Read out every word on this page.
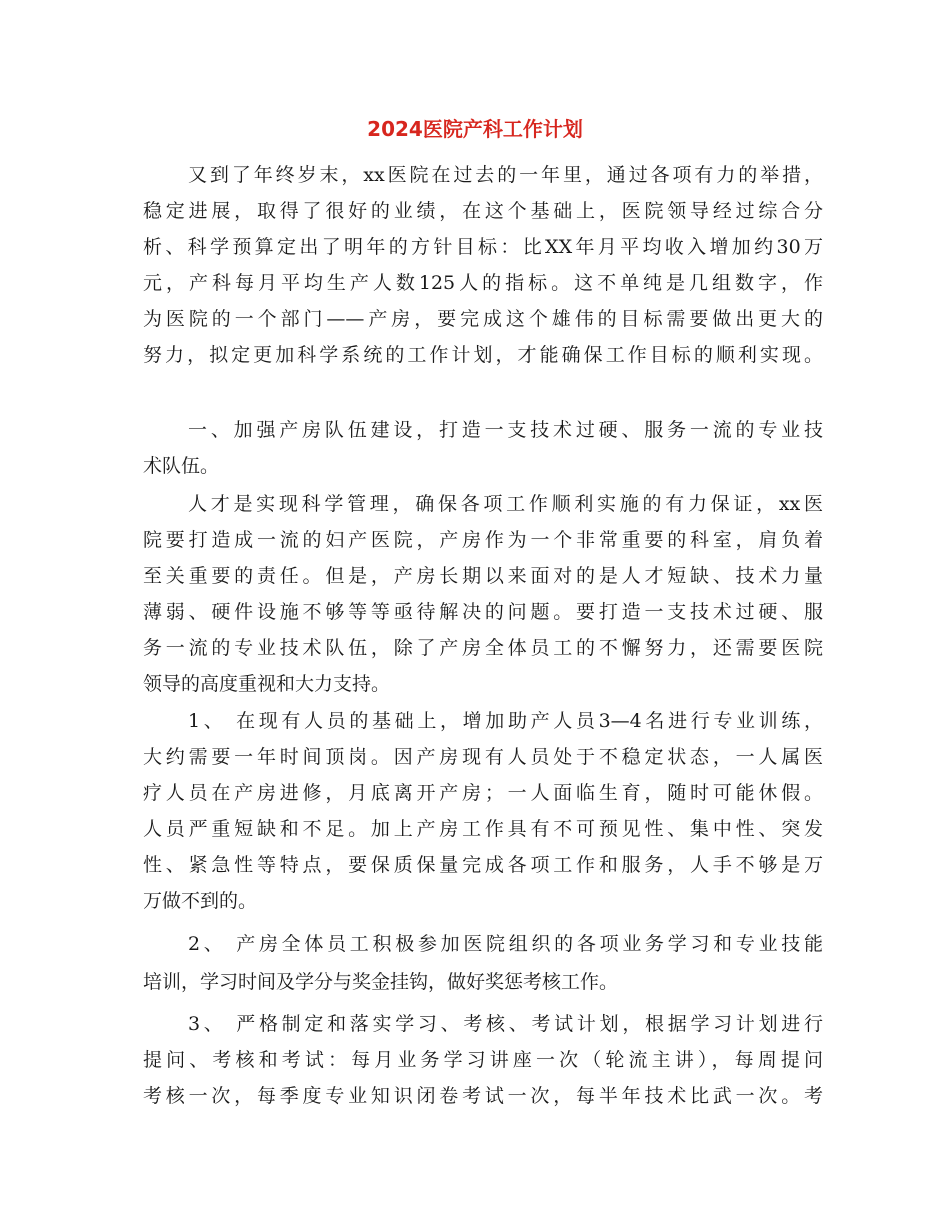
2024医院产科工作计划
又到了年终岁末，xx医院在过去的一年里，通过各项有力的举措，
稳定进展，取得了很好的业绩，在这个基础上，医院领导经过综合分
析、科学预算定出了明年的方针目标：比XX年月平均收入增加约30万
元，产科每月平均生产人数125人的指标。这不单纯是几组数字，作
为医院的一个部门——产房，要完成这个雄伟的目标需要做出更大的
努力，拟定更加科学系统的工作计划，才能确保工作目标的顺利实现。
一、加强产房队伍建设，打造一支技术过硬、服务一流的专业技
术队伍。
人才是实现科学管理，确保各项工作顺利实施的有力保证，xx医
院要打造成一流的妇产医院，产房作为一个非常重要的科室，肩负着
至关重要的责任。但是，产房长期以来面对的是人才短缺、技术力量
薄弱、硬件设施不够等等亟待解决的问题。要打造一支技术过硬、服
务一流的专业技术队伍，除了产房全体员工的不懈努力，还需要医院
领导的高度重视和大力支持。
1、 在现有人员的基础上，增加助产人员3—4名进行专业训练，
大约需要一年时间顶岗。因产房现有人员处于不稳定状态，一人属医
疗人员在产房进修，月底离开产房；一人面临生育，随时可能休假。
人员严重短缺和不足。加上产房工作具有不可预见性、集中性、突发
性、紧急性等特点，要保质保量完成各项工作和服务，人手不够是万
万做不到的。
2、 产房全体员工积极参加医院组织的各项业务学习和专业技能
培训，学习时间及学分与奖金挂钩，做好奖惩考核工作。
3、 严格制定和落实学习、考核、考试计划，根据学习计划进行
提问、考核和考试：每月业务学习讲座一次（轮流主讲），每周提问
考核一次，每季度专业知识闭卷考试一次，每半年技术比武一次。考
